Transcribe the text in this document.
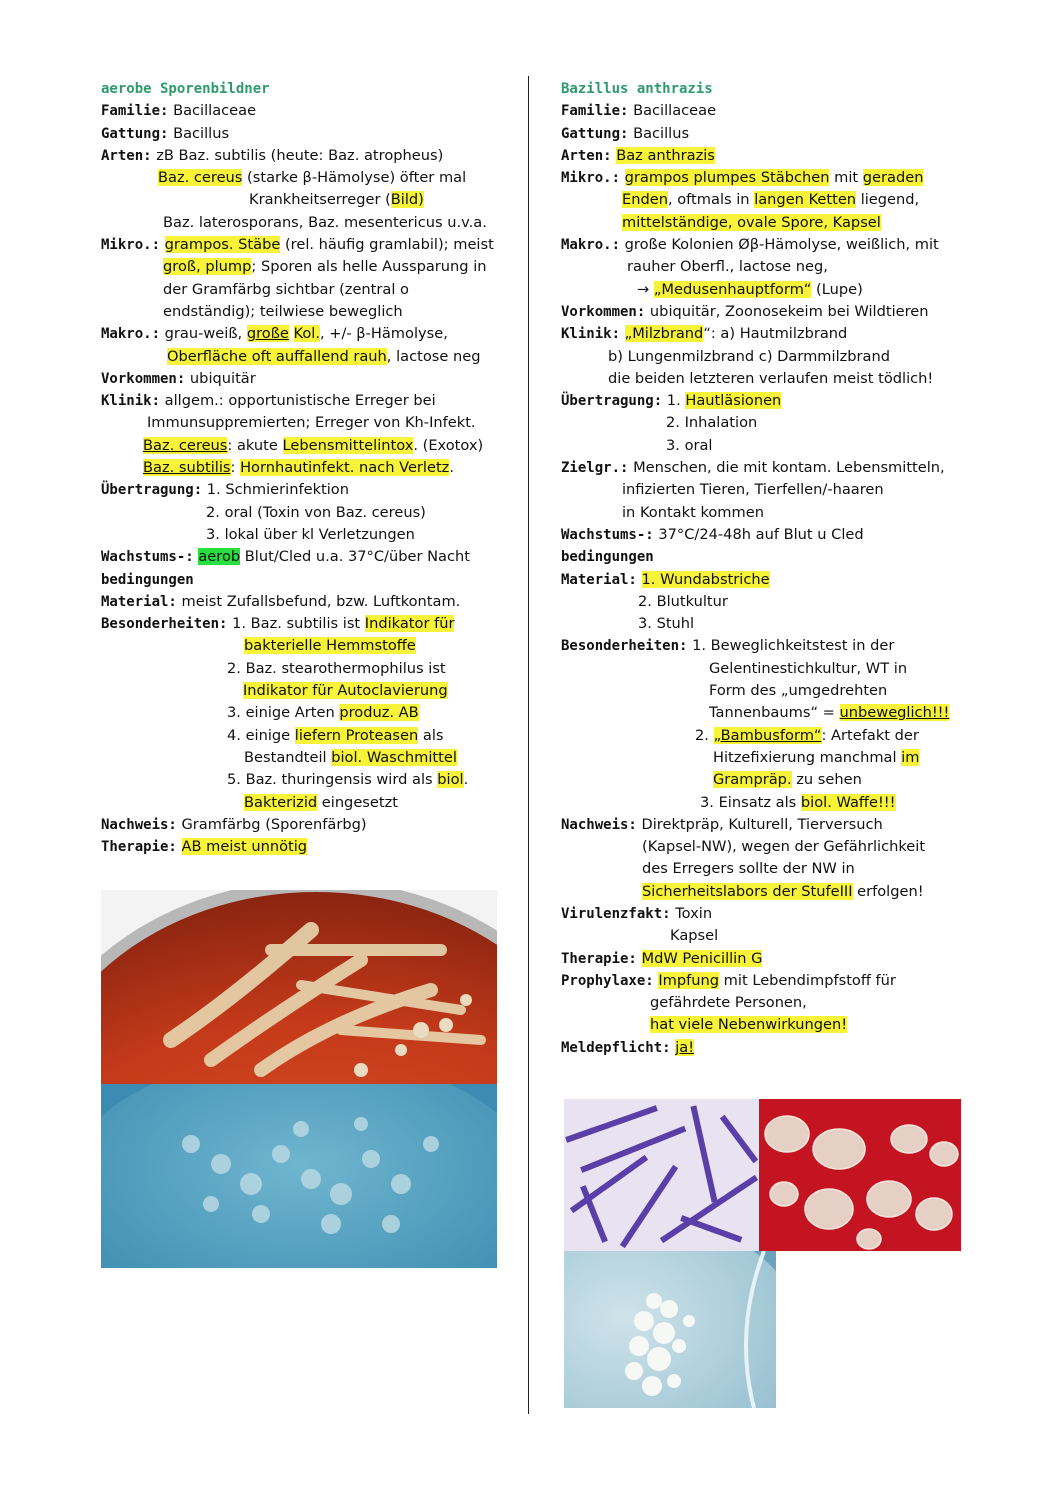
aerobe Sporenbildner
Familie: Bacillaceae
Gattung: Bacillus
Arten: zB Baz. subtilis (heute: Baz. atropheus)
Baz. cereus (starke β-Hämolyse) öfter mal
Krankheitserreger (Bild)
Baz. laterosporans, Baz. mesentericus u.v.a.
Mikro.: grampos. Stäbe (rel. häufig gramlabil); meist
groß, plump; Sporen als helle Aussparung in
der Gramfärbg sichtbar (zentral o
endständig); teilwiese beweglich
Makro.: grau-weiß, große Kol., +/- β-Hämolyse,
Oberfläche oft auffallend rauh, lactose neg
Vorkommen: ubiquitär
Klinik: allgem.: opportunistische Erreger bei
Immunsuppremierten; Erreger von Kh-Infekt.
Baz. cereus: akute Lebensmittelintox. (Exotox)
Baz. subtilis: Hornhautinfekt. nach Verletz.
Übertragung: 1. Schmierinfektion
2. oral (Toxin von Baz. cereus)
3. lokal über kl Verletzungen
Wachstums-: aerob Blut/Cled u.a. 37°C/über Nacht
bedingungen
Material: meist Zufallsbefund, bzw. Luftkontam.
Besonderheiten: 1. Baz. subtilis ist Indikator für
bakterielle Hemmstoffe
2. Baz. stearothermophilus ist
Indikator für Autoclavierung
3. einige Arten produz. AB
4. einige liefern Proteasen als
Bestandteil biol. Waschmittel
5. Baz. thuringensis wird als biol.
Bakterizid eingesetzt
Nachweis: Gramfärbg (Sporenfärbg)
Therapie: AB meist unnötig
Bazillus anthrazis
Familie: Bacillaceae
Gattung: Bacillus
Arten: Baz anthrazis
Mikro.: grampos plumpes Stäbchen mit geraden
Enden, oftmals in langen Ketten liegend,
mittelständige, ovale Spore, Kapsel
Makro.: große Kolonien Øβ-Hämolyse, weißlich, mit
rauher Oberfl., lactose neg,
→ „Medusenhauptform“ (Lupe)
Vorkommen: ubiquitär, Zoonosekeim bei Wildtieren
Klinik: „Milzbrand“: a) Hautmilzbrand
b) Lungenmilzbrand c) Darmmilzbrand
die beiden letzteren verlaufen meist tödlich!
Übertragung: 1. Hautläsionen
2. Inhalation
3. oral
Zielgr.: Menschen, die mit kontam. Lebensmitteln,
infizierten Tieren, Tierfellen/-haaren
in Kontakt kommen
Wachstums-: 37°C/24-48h auf Blut u Cled
bedingungen
Material: 1. Wundabstriche
2. Blutkultur
3. Stuhl
Besonderheiten: 1. Beweglichkeitstest in der
Gelentinestichkultur, WT in
Form des „umgedrehten
Tannenbaums“ = unbeweglich!!!
2. „Bambusform“: Artefakt der
Hitzefixierung manchmal im
Grampräp. zu sehen
3. Einsatz als biol. Waffe!!!
Nachweis: Direktpräp, Kulturell, Tierversuch
(Kapsel-NW), wegen der Gefährlichkeit
des Erregers sollte der NW in
Sicherheitslabors der StufeIII erfolgen!
Virulenzfakt: Toxin
Kapsel
Therapie: MdW Penicillin G
Prophylaxe: Impfung mit Lebendimpfstoff für
gefährdete Personen,
hat viele Nebenwirkungen!
Meldepflicht: ja!
